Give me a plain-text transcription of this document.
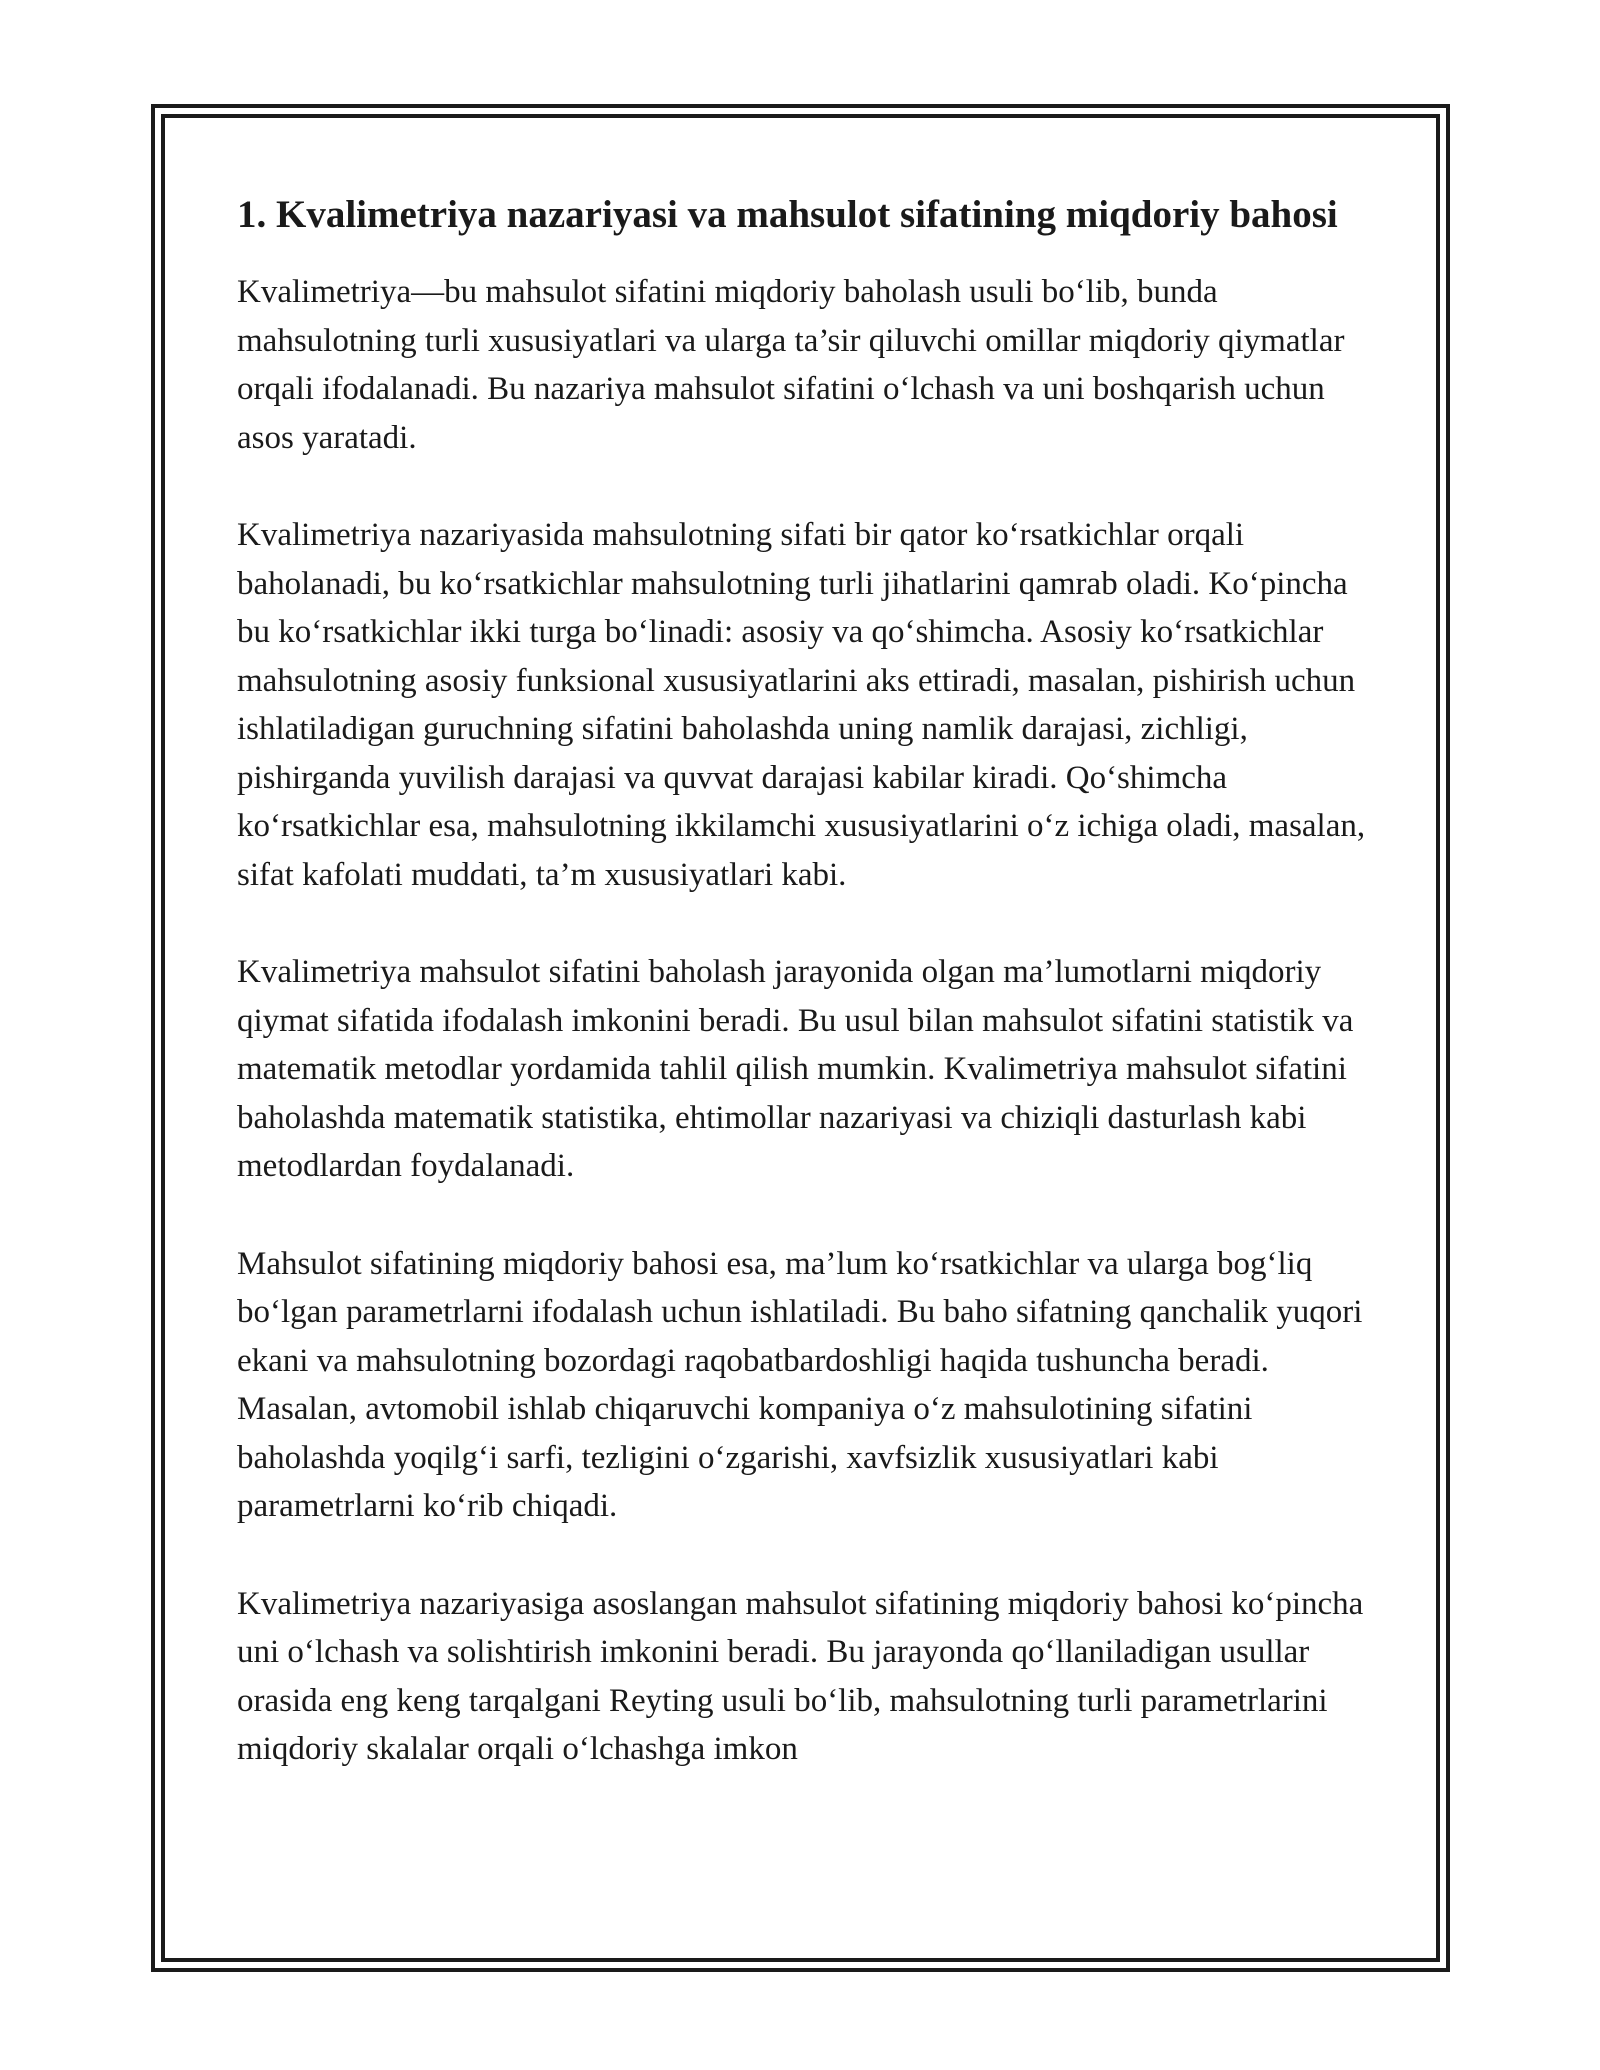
1. Kvalimetriya nazariyasi va mahsulot sifatining miqdoriy bahosi

Kvalimetriya—bu mahsulot sifatini miqdoriy baholash usuli bo‘lib, bunda mahsulotning turli xususiyatlari va ularga ta’sir qiluvchi omillar miqdoriy qiymatlar orqali ifodalanadi. Bu nazariya mahsulot sifatini o‘lchash va uni boshqarish uchun asos yaratadi.

Kvalimetriya nazariyasida mahsulotning sifati bir qator ko‘rsatkichlar orqali baholanadi, bu ko‘rsatkichlar mahsulotning turli jihatlarini qamrab oladi. Ko‘pincha bu ko‘rsatkichlar ikki turga bo‘linadi: asosiy va qo‘shimcha. Asosiy ko‘rsatkichlar mahsulotning asosiy funksional xususiyatlarini aks ettiradi, masalan, pishirish uchun ishlatiladigan guruchning sifatini baholashda uning namlik darajasi, zichligi, pishirganda yuvilish darajasi va quvvat darajasi kabilar kiradi. Qo‘shimcha ko‘rsatkichlar esa, mahsulotning ikkilamchi xususiyatlarini o‘z ichiga oladi, masalan, sifat kafolati muddati, ta’m xususiyatlari kabi.

Kvalimetriya mahsulot sifatini baholash jarayonida olgan ma’lumotlarni miqdoriy qiymat sifatida ifodalash imkonini beradi. Bu usul bilan mahsulot sifatini statistik va matematik metodlar yordamida tahlil qilish mumkin. Kvalimetriya mahsulot sifatini baholashda matematik statistika, ehtimollar nazariyasi va chiziqli dasturlash kabi metodlardan foydalanadi.

Mahsulot sifatining miqdoriy bahosi esa, ma’lum ko‘rsatkichlar va ularga bog‘liq bo‘lgan parametrlarni ifodalash uchun ishlatiladi. Bu baho sifatning qanchalik yuqori ekani va mahsulotning bozordagi raqobatbardoshligi haqida tushuncha beradi. Masalan, avtomobil ishlab chiqaruvchi kompaniya o‘z mahsulotining sifatini baholashda yoqilg‘i sarfi, tezligini o‘zgarishi, xavfsizlik xususiyatlari kabi parametrlarni ko‘rib chiqadi.

Kvalimetriya nazariyasiga asoslangan mahsulot sifatining miqdoriy bahosi ko‘pincha uni o‘lchash va solishtirish imkonini beradi. Bu jarayonda qo‘llaniladigan usullar orasida eng keng tarqalgani Reyting usuli bo‘lib, mahsulotning turli parametrlarini miqdoriy skalalar orqali o‘lchashga imkon
